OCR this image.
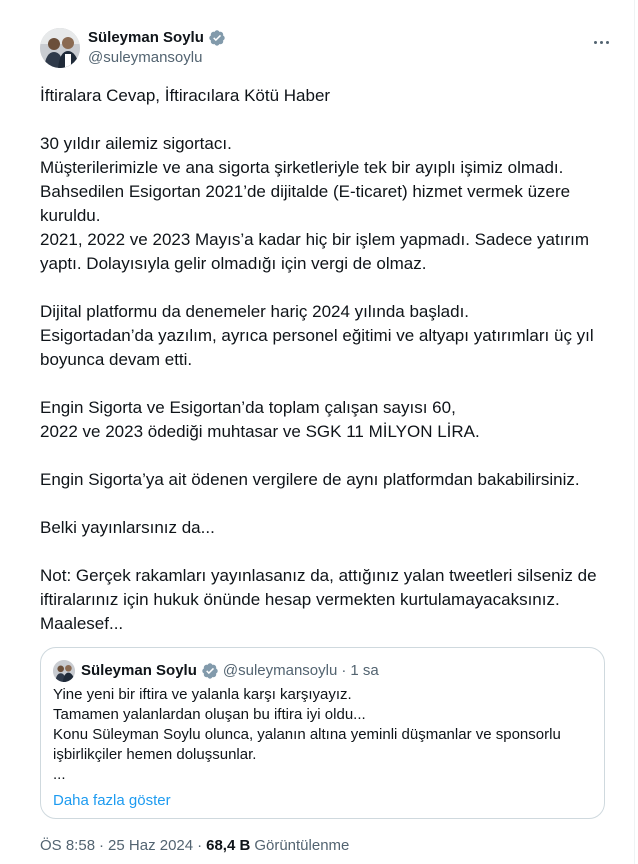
Süleyman Soylu
@suleymansoylu
İftiralara Cevap, İftiracılara Kötü Haber
30 yıldır ailemiz sigortacı.
Müşterilerimizle ve ana sigorta şirketleriyle tek bir ayıplı işimiz olmadı.
Bahsedilen Esigortan 2021’de dijitalde (E-ticaret) hizmet vermek üzere
kuruldu.
2021, 2022 ve 2023 Mayıs’a kadar hiç bir işlem yapmadı. Sadece yatırım
yaptı. Dolayısıyla gelir olmadığı için vergi de olmaz.
Dijital platformu da denemeler hariç 2024 yılında başladı.
Esigortadan’da yazılım, ayrıca personel eğitimi ve altyapı yatırımları üç yıl
boyunca devam etti.
Engin Sigorta ve Esigortan’da toplam çalışan sayısı 60,
2022 ve 2023 ödediği muhtasar ve SGK 11 MİLYON LİRA.
Engin Sigorta’ya ait ödenen vergilere de aynı platformdan bakabilirsiniz.
Belki yayınlarsınız da...
Not: Gerçek rakamları yayınlasanız da, attığınız yalan tweetleri silseniz de
iftiralarınız için hukuk önünde hesap vermekten kurtulamayacaksınız.
Maalesef...
Süleyman Soylu @suleymansoylu · 1 sa
Yine yeni bir iftira ve yalanla karşı karşıyayız.
Tamamen yalanlardan oluşan bu iftira iyi oldu...
Konu Süleyman Soylu olunca, yalanın altına yeminli düşmanlar ve sponsorlu
işbirlikçiler hemen doluşsunlar.
...
Daha fazla göster
ÖS 8:58 · 25 Haz 2024 · 68,4 B Görüntülenme
